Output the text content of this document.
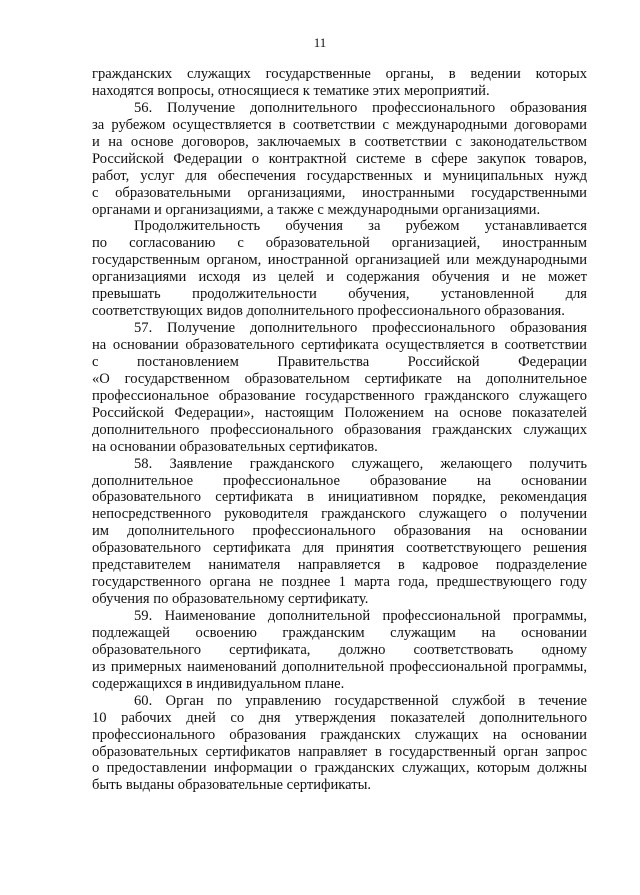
11
гражданских служащих государственные органы, в ведении которых
находятся вопросы, относящиеся к тематике этих мероприятий.
56. Получение дополнительного профессионального образования
за рубежом осуществляется в соответствии с международными договорами
и на основе договоров, заключаемых в соответствии с законодательством
Российской Федерации о контрактной системе в сфере закупок товаров,
работ, услуг для обеспечения государственных и муниципальных нужд
с образовательными организациями, иностранными государственными
органами и организациями, а также с международными организациями.
Продолжительность обучения за рубежом устанавливается
по согласованию с образовательной организацией, иностранным
государственным органом, иностранной организацией или международными
организациями исходя из целей и содержания обучения и не может
превышать продолжительности обучения, установленной для
соответствующих видов дополнительного профессионального образования.
57. Получение дополнительного профессионального образования
на основании образовательного сертификата осуществляется в соответствии
с постановлением Правительства Российской Федерации
«О государственном образовательном сертификате на дополнительное
профессиональное образование государственного гражданского служащего
Российской Федерации», настоящим Положением на основе показателей
дополнительного профессионального образования гражданских служащих
на основании образовательных сертификатов.
58. Заявление гражданского служащего, желающего получить
дополнительное профессиональное образование на основании
образовательного сертификата в инициативном порядке, рекомендация
непосредственного руководителя гражданского служащего о получении
им дополнительного профессионального образования на основании
образовательного сертификата для принятия соответствующего решения
представителем нанимателя направляется в кадровое подразделение
государственного органа не позднее 1 марта года, предшествующего году
обучения по образовательному сертификату.
59. Наименование дополнительной профессиональной программы,
подлежащей освоению гражданским служащим на основании
образовательного сертификата, должно соответствовать одному
из примерных наименований дополнительной профессиональной программы,
содержащихся в индивидуальном плане.
60. Орган по управлению государственной службой в течение
10 рабочих дней со дня утверждения показателей дополнительного
профессионального образования гражданских служащих на основании
образовательных сертификатов направляет в государственный орган запрос
о предоставлении информации о гражданских служащих, которым должны
быть выданы образовательные сертификаты.
